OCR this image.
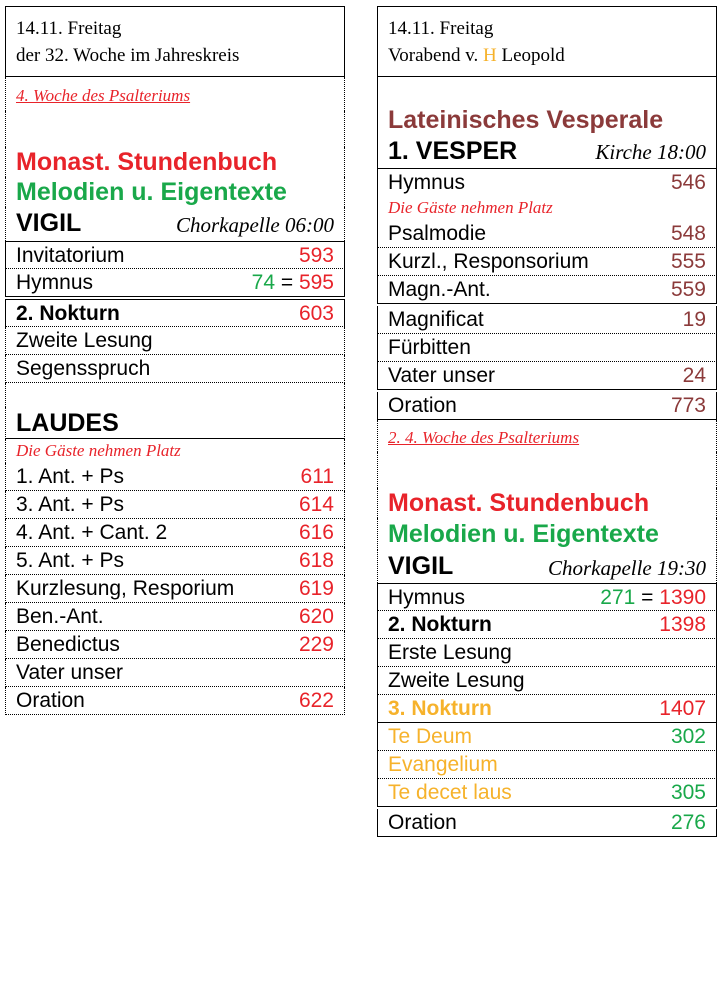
14.11. Freitag
der 32. Woche im Jahreskreis
4. Woche des Psalteriums
Monast. Stundenbuch
Melodien u. Eigentexte
VIGIL	Chorkapelle 06:00
Invitatorium	593
Hymnus	74 = 595
2. Nokturn	603
Zweite Lesung
Segensspruch
LAUDES
Die Gäste nehmen Platz
1. Ant. + Ps	611
3. Ant. + Ps	614
4. Ant. + Cant. 2	616
5. Ant. + Ps	618
Kurzlesung, Resporium	619
Ben.-Ant.	620
Benedictus	229
Vater unser
Oration	622
14.11. Freitag
Vorabend v. H Leopold
Lateinisches Vesperale
1. VESPER	Kirche 18:00
Hymnus	546
Die Gäste nehmen Platz
Psalmodie	548
Kurzl., Responsorium	555
Magn.-Ant.	559
Magnificat	19
Fürbitten
Vater unser	24
Oration	773
2. 4. Woche des Psalteriums
Monast. Stundenbuch
Melodien u. Eigentexte
VIGIL	Chorkapelle 19:30
Hymnus	271 = 1390
2. Nokturn	1398
Erste Lesung
Zweite Lesung
3. Nokturn	1407
Te Deum	302
Evangelium
Te decet laus	305
Oration	276
